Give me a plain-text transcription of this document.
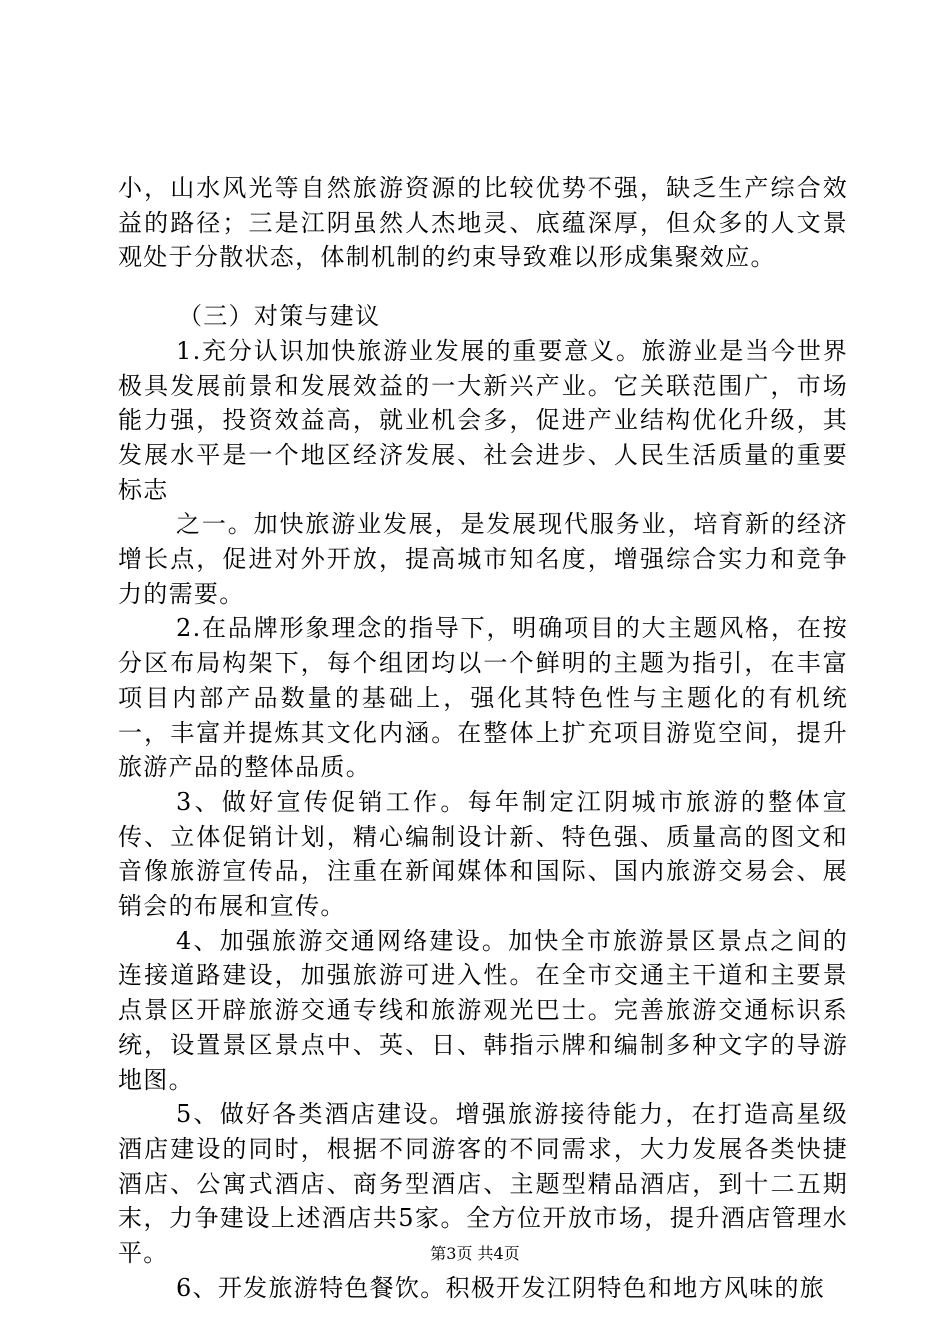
小，山水风光等自然旅游资源的比较优势不强，缺乏生产综合效益的路径；三是江阴虽然人杰地灵、底蕴深厚，但众多的人文景观处于分散状态，体制机制的约束导致难以形成集聚效应。

（三）对策与建议

1.充分认识加快旅游业发展的重要意义。旅游业是当今世界极具发展前景和发展效益的一大新兴产业。它关联范围广，市场能力强，投资效益高，就业机会多，促进产业结构优化升级，其发展水平是一个地区经济发展、社会进步、人民生活质量的重要标志

之一。加快旅游业发展，是发展现代服务业，培育新的经济增长点，促进对外开放，提高城市知名度，增强综合实力和竞争力的需要。

2.在品牌形象理念的指导下，明确项目的大主题风格，在按分区布局构架下，每个组团均以一个鲜明的主题为指引，在丰富项目内部产品数量的基础上，强化其特色性与主题化的有机统一，丰富并提炼其文化内涵。在整体上扩充项目游览空间，提升旅游产品的整体品质。

3、做好宣传促销工作。每年制定江阴城市旅游的整体宣传、立体促销计划，精心编制设计新、特色强、质量高的图文和音像旅游宣传品，注重在新闻媒体和国际、国内旅游交易会、展销会的布展和宣传。

4、加强旅游交通网络建设。加快全市旅游景区景点之间的连接道路建设，加强旅游可进入性。在全市交通主干道和主要景点景区开辟旅游交通专线和旅游观光巴士。完善旅游交通标识系统，设置景区景点中、英、日、韩指示牌和编制多种文字的导游地图。

5、做好各类酒店建设。增强旅游接待能力，在打造高星级酒店建设的同时，根据不同游客的不同需求，大力发展各类快捷酒店、公寓式酒店、商务型酒店、主题型精品酒店，到十二五期末，力争建设上述酒店共5家。全方位开放市场，提升酒店管理水平。

6、开发旅游特色餐饮。积极开发江阴特色和地方风味的旅

第3页 共4页
